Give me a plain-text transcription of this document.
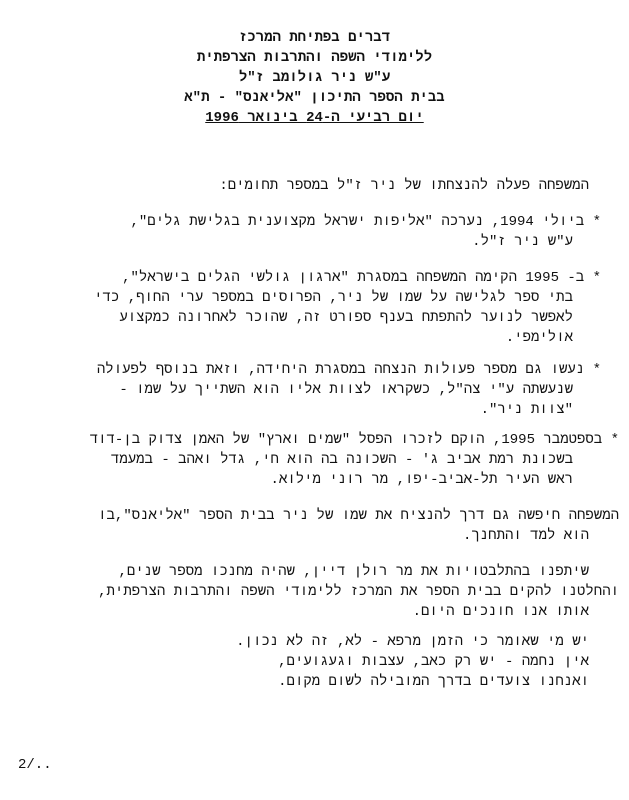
דברים בפתיחת המרכז
ללימודי השפה והתרבות הצרפתית
ע"ש ניר גולומב ז"ל
בבית הספר התיכון "אליאנס" - ת"א
יום רביעי ה-24 בינואר 1996
המשפחה פעלה להנצחתו של ניר ז"ל במספר תחומים:
* ביולי 1994, נערכה "אליפות ישראל מקצוענית בגלישת גלים",
ע"ש ניר ז"ל.
* ב- 1995 הקימה המשפחה במסגרת "ארגון גולשי הגלים בישראל",
בתי ספר לגלישה על שמו של ניר, הפרוסים במספר ערי החוף, כדי
לאפשר לנוער להתפתח בענף ספורט זה, שהוכר לאחרונה כמקצוע
אולימפי.
* נעשו גם מספר פעולות הנצחה במסגרת היחידה, וזאת בנוסף לפעולה
שנעשתה ע"י צה"ל, כשקראו לצוות אליו הוא השתייך על שמו -
"צוות ניר".
* בספטמבר 1995, הוקם לזכרו הפסל "שמים וארץ" של האמן צדוק בן-דוד
בשכונת רמת אביב ג' - השכונה בה הוא חי, גדל ואהב - במעמד
ראש העיר תל-אביב-יפו, מר רוני מילוא.
המשפחה חיפשה גם דרך להנציח את שמו של ניר בבית הספר "אליאנס",בו
הוא למד והתחנך.
שיתפנו בהתלבטויות את מר רולן דיין, שהיה מחנכו מספר שנים,
והחלטנו להקים בבית הספר את המרכז ללימודי השפה והתרבות הצרפתית,
אותו אנו חונכים היום.
יש מי שאומר כי הזמן מרפא - לא, זה לא נכון.
אין נחמה - יש רק כאב, עצבות וגעגועים,
ואנחנו צועדים בדרך המובילה לשום מקום.
2/..
